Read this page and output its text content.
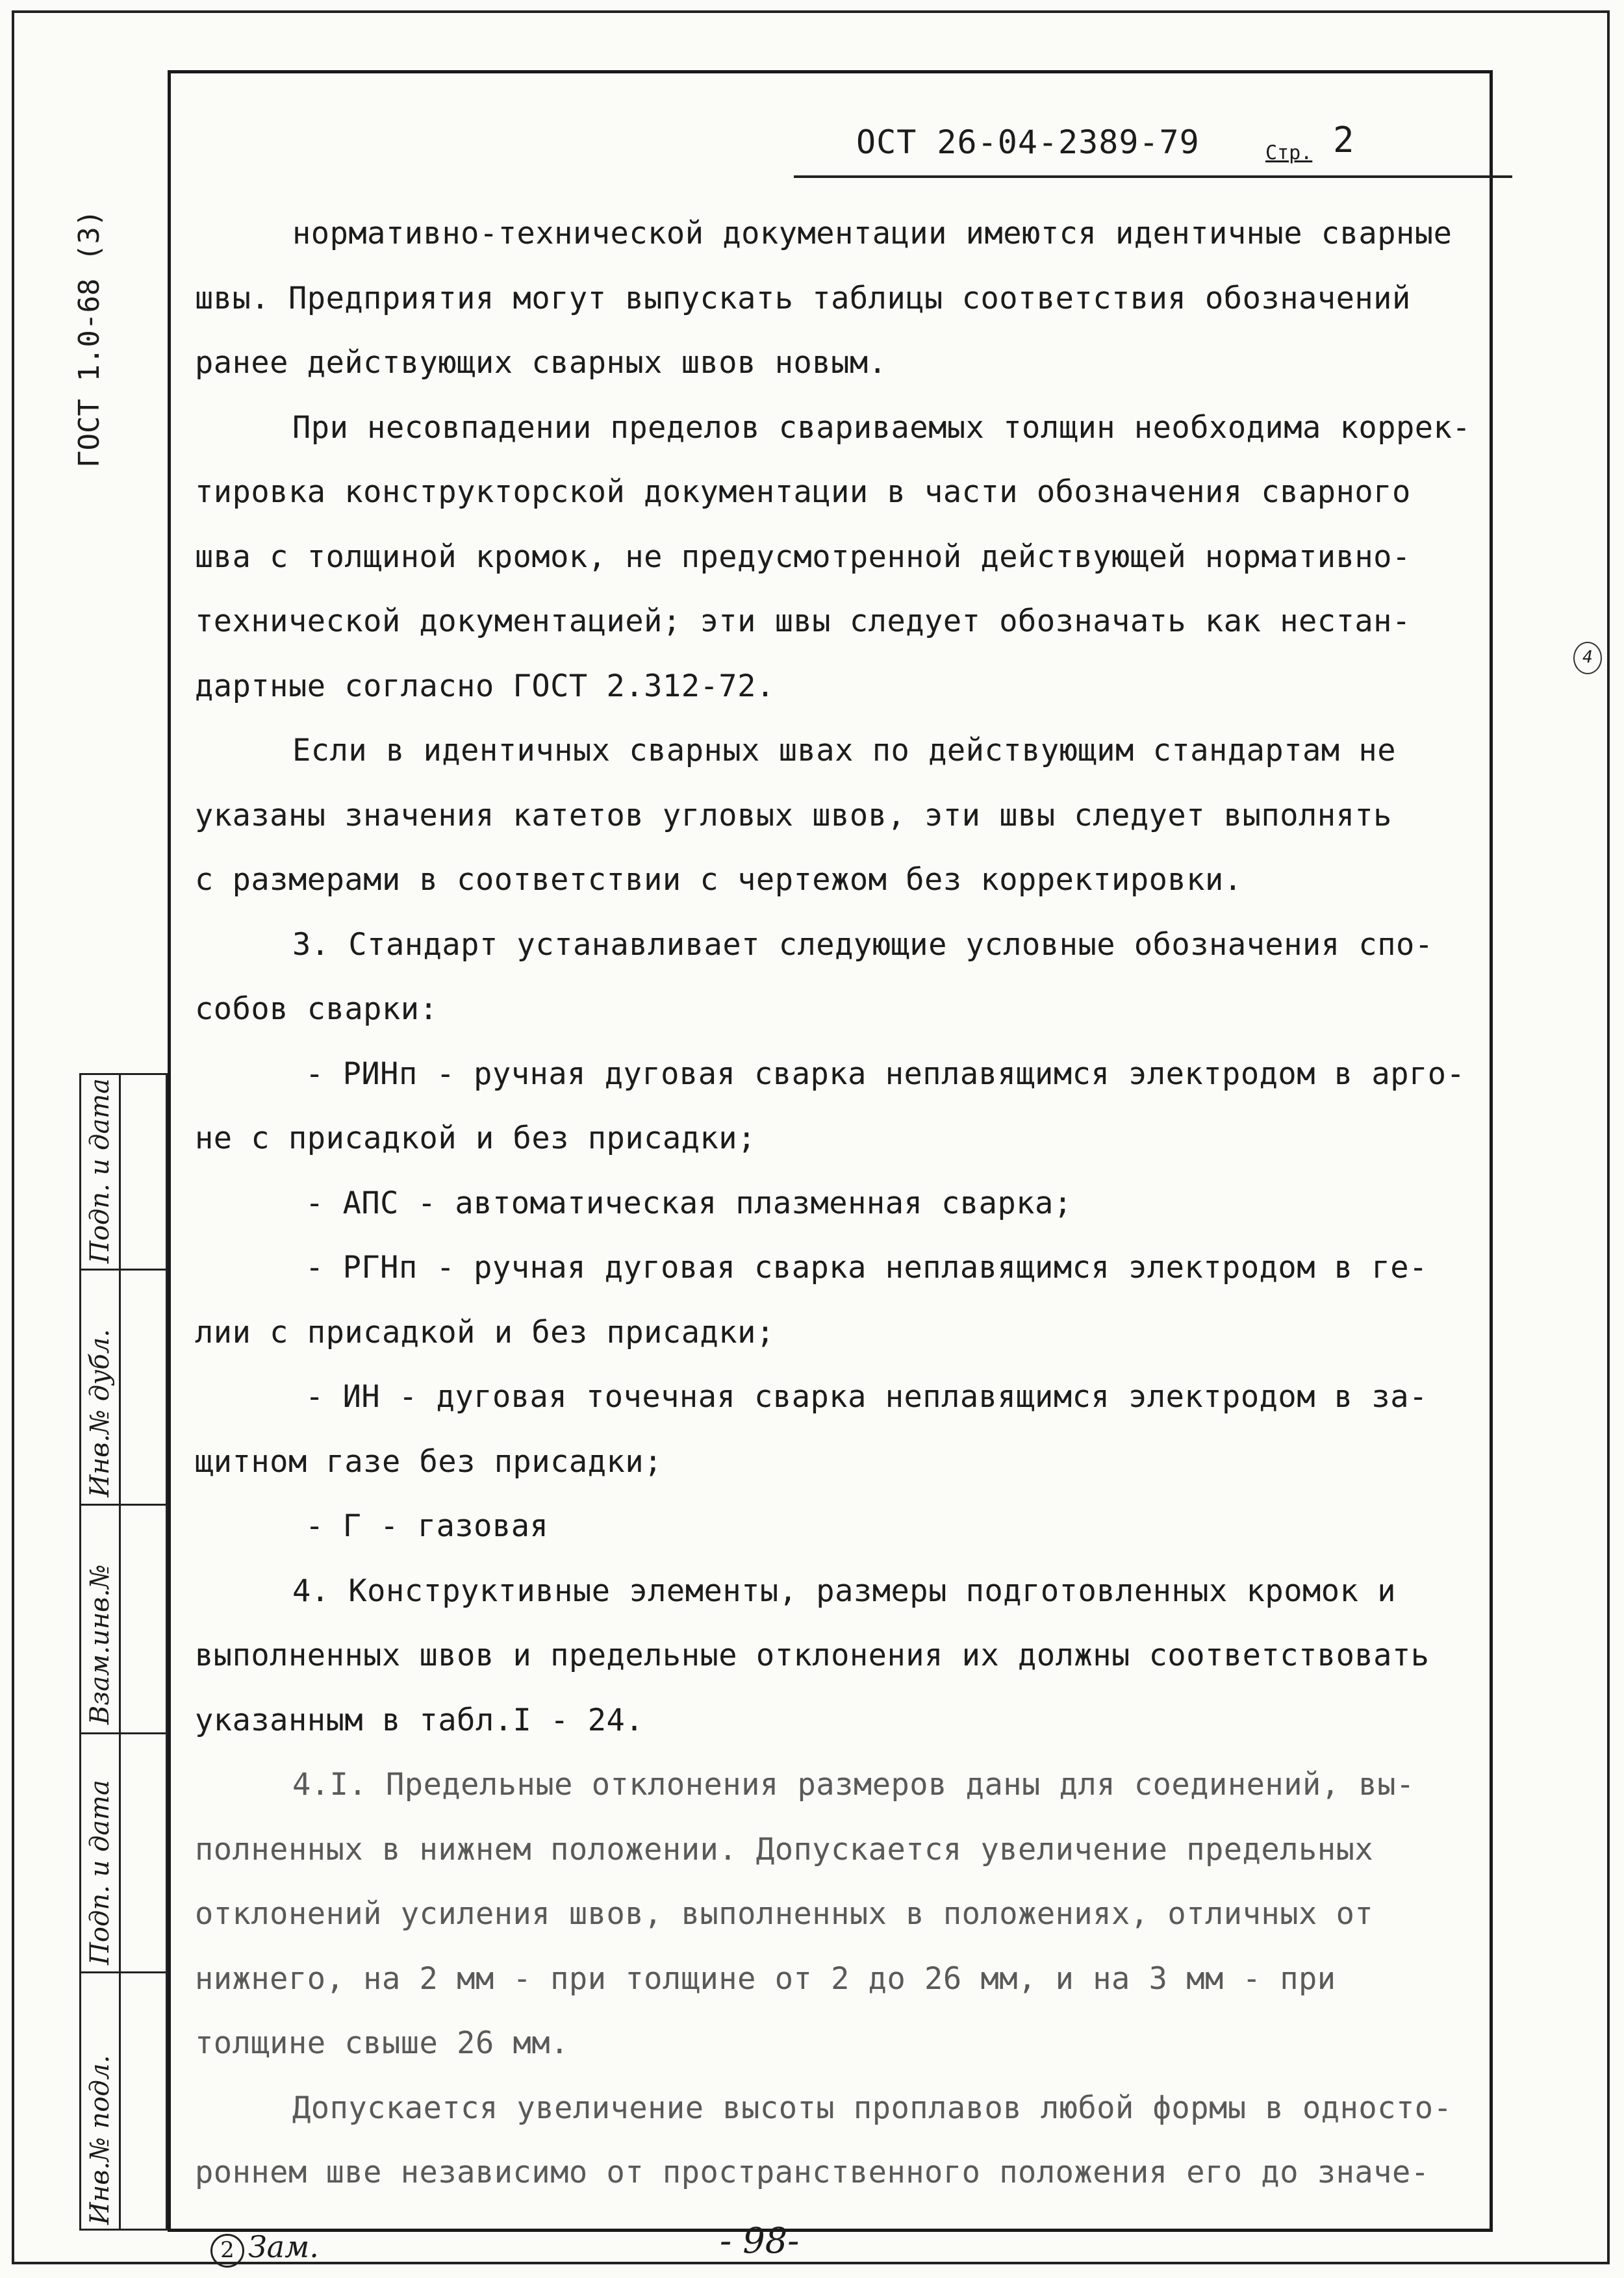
ОСТ 26-04-2389-79	Стр. 2
ГОСТ 1.0-68 (3)
4
нормативно-технической документации имеются идентичные сварные
швы. Предприятия могут выпускать таблицы соответствия обозначений
ранее действующих сварных швов новым.
При несовпадении пределов свариваемых толщин необходима коррек-
тировка конструкторской документации в части обозначения сварного
шва с толщиной кромок, не предусмотренной действующей нормативно-
технической документацией; эти швы следует обозначать как нестан-
дартные согласно ГОСТ 2.312-72.
Если в идентичных сварных швах по действующим стандартам не
указаны значения катетов угловых швов, эти швы следует выполнять
с размерами в соответствии с чертежом без корректировки.
3. Стандарт устанавливает следующие условные обозначения спо-
собов сварки:
- РИНп - ручная дуговая сварка неплавящимся электродом в арго-
не с присадкой и без присадки;
- АПС - автоматическая плазменная сварка;
- РГНп - ручная дуговая сварка неплавящимся электродом в ге-
лии с присадкой и без присадки;
- ИН - дуговая точечная сварка неплавящимся электродом в за-
щитном газе без присадки;
- Г - газовая
4. Конструктивные элементы, размеры подготовленных кромок и
выполненных швов и предельные отклонения их должны соответствовать
указанным в табл.I - 24.
4.I. Предельные отклонения размеров даны для соединений, вы-
полненных в нижнем положении. Допускается увеличение предельных
отклонений усиления швов, выполненных в положениях, отличных от
нижнего, на 2 мм - при толщине от 2 до 26 мм, и на 3 мм - при
толщине свыше 26 мм.
Допускается увеличение высоты проплавов любой формы в односто-
роннем шве независимо от пространственного положения его до значе-
Инв.№ подл.
Подп. и дата
Взам.инв.№
Инв.№ дубл.
Подп. и дата
2 Зам.	- 98-
